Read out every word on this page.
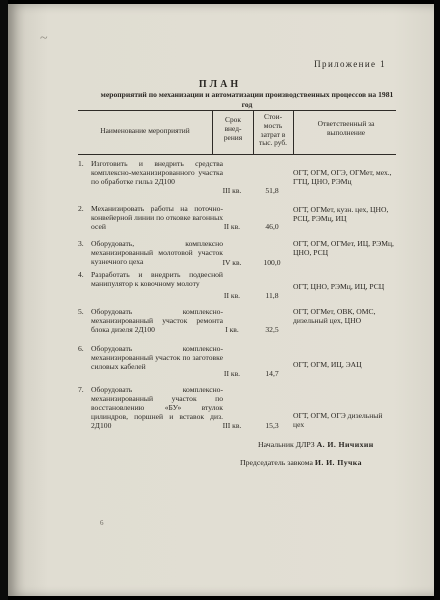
~
Приложение 1
ПЛАН
мероприятий по механизации и автоматизации производственных процессов на 1981 год
Наименование мероприятий
Срок внед-рения
Стои-мость затрат в тыс. руб.
Ответственный за выполнение
1. Изготовить и внедрить средства комплексно-механизированного участка по обработке гильз 2Д100
III кв.	51,8
ОГТ, ОГМ, ОГЭ, ОГМет, мех., ГТЦ, ЦНО, РЭМц
2. Механизировать работы на поточно-конвейерной линии по отковке вагонных осей	II кв.	46,0
ОГТ, ОГМет, кузн. цех, ЦНО, РСЦ, РЭМц, ИЦ
3. Оборудовать, комплексно механизированный молотовой участок кузнечного цеха	IV кв.	100,0
ОГТ, ОГМ, ОГМет, ИЦ, РЭМц, ЦНО, РСЦ
4. Разработать и внедрить подвесной манипулятор к ковочному молоту
II кв.	11,8
ОГТ, ЦНО, РЭМц, ИЦ, РСЦ
5. Оборудовать комплексно-механизированный участок ремонта блока дизеля 2Д100	I кв.	32,5
ОГТ, ОГМет, ОВК, ОМС, дизельный цех, ЦНО
6. Оборудовать комплексно-механизированный участок по заготовке силовых кабелей
II кв.	14,7
ОГТ, ОГМ, ИЦ, ЭАЦ
7. Оборудовать комплексно-механизированный участок по восстановлению «БУ» втулок цилиндров, поршней и вставок диз. 2Д100	III кв.	15,3
ОГТ, ОГМ, ОГЭ дизельный цех
Начальник ДЛРЗ А. И. Ничихин
Председатель завкома И. И. Пучка
6
